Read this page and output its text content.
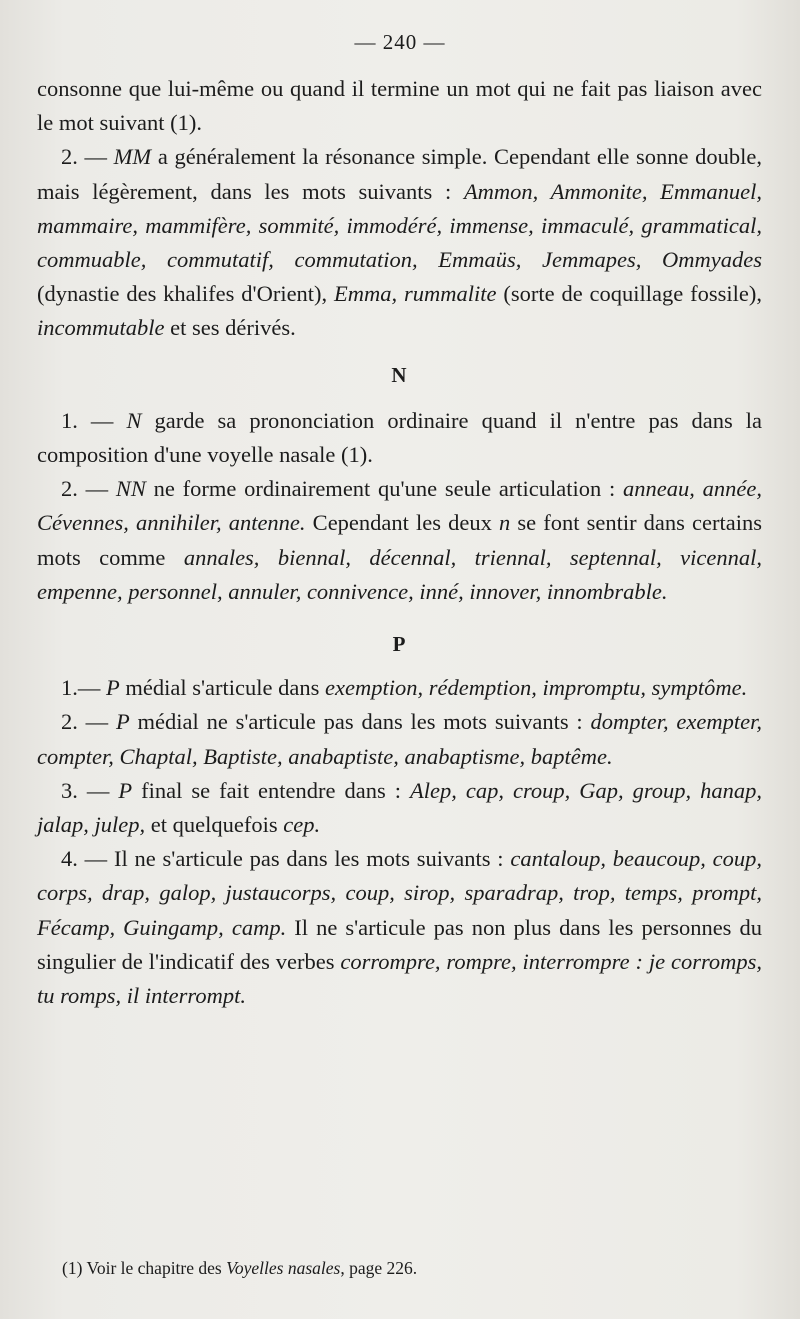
— 240 —

consonne que lui-même ou quand il termine un mot qui ne fait pas liaison avec le mot suivant (1).

2. — MM a généralement la résonance simple. Cependant elle sonne double, mais légèrement, dans les mots suivants : Ammon, Ammonite, Emmanuel, mammaire, mammifère, sommité, immodéré, immense, immaculé, grammatical, commuable, commutatif, commutation, Emmaüs, Jemmapes, Ommyades (dynastie des khalifes d'Orient), Emma, rummalite (sorte de coquillage fossile), incommutable et ses dérivés.

N

1. — N garde sa prononciation ordinaire quand il n'entre pas dans la composition d'une voyelle nasale (1).

2. — NN ne forme ordinairement qu'une seule articulation : anneau, année, Cévennes, annihiler, antenne. Cependant les deux n se font sentir dans certains mots comme annales, biennal, décennal, triennal, septennal, vicennal, empenne, personnel, annuler, connivence, inné, innover, innombrable.

P

1.— P médial s'articule dans exemption, rédemption, impromptu, symptôme.

2. — P médial ne s'articule pas dans les mots suivants : dompter, exempter, compter, Chaptal, Baptiste, anabaptiste, anabaptisme, baptême.

3. — P final se fait entendre dans : Alep, cap, croup, Gap, group, hanap, jalap, julep, et quelquefois cep.

4. — Il ne s'articule pas dans les mots suivants : cantaloup, beaucoup, coup, corps, drap, galop, justaucorps, coup, sirop, sparadrap, trop, temps, prompt, Fécamp, Guingamp, camp. Il ne s'articule pas non plus dans les personnes du singulier de l'indicatif des verbes corrompre, rompre, interrompre : je corromps, tu romps, il interrompt.

(1) Voir le chapitre des Voyelles nasales, page 226.
